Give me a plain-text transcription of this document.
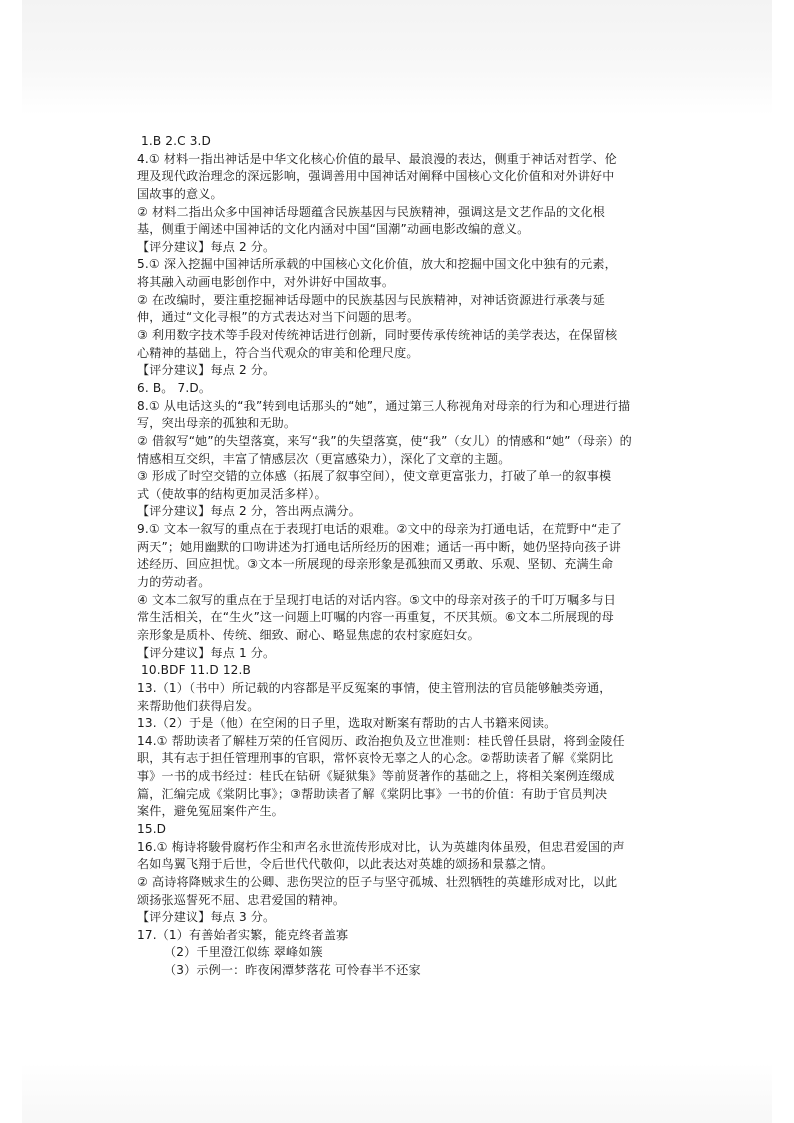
1.B 2.C 3.D
4.① 材料一指出神话是中华文化核心价值的最早、最浪漫的表达，侧重于神话对哲学、伦
理及现代政治理念的深远影响，强调善用中国神话对阐释中国核心文化价值和对外讲好中
国故事的意义。
② 材料二指出众多中国神话母题蕴含民族基因与民族精神，强调这是文艺作品的文化根
基，侧重于阐述中国神话的文化内涵对中国“国潮”动画电影改编的意义。
【评分建议】每点 2 分。
5.① 深入挖掘中国神话所承载的中国核心文化价值，放大和挖掘中国文化中独有的元素，
将其融入动画电影创作中，对外讲好中国故事。
② 在改编时，要注重挖掘神话母题中的民族基因与民族精神，对神话资源进行承袭与延
伸，通过“文化寻根”的方式表达对当下问题的思考。
③ 利用数字技术等手段对传统神话进行创新，同时要传承传统神话的美学表达，在保留核
心精神的基础上，符合当代观众的审美和伦理尺度。
【评分建议】每点 2 分。
6. B。 7.D。
8.① 从电话这头的“我”转到电话那头的“她”，通过第三人称视角对母亲的行为和心理进行描
写，突出母亲的孤独和无助。
② 借叙写“她”的失望落寞，来写“我”的失望落寞，使“我”（女儿）的情感和“她”（母亲）的
情感相互交织，丰富了情感层次（更富感染力），深化了文章的主题。
③ 形成了时空交错的立体感（拓展了叙事空间），使文章更富张力，打破了单一的叙事模
式（使故事的结构更加灵活多样）。
【评分建议】每点 2 分，答出两点满分。
9.① 文本一叙写的重点在于表现打电话的艰难。②文中的母亲为打通电话，在荒野中“走了
两天”；她用幽默的口吻讲述为打通电话所经历的困难；通话一再中断，她仍坚持向孩子讲
述经历、回应担忧。③文本一所展现的母亲形象是孤独而又勇敢、乐观、坚韧、充满生命
力的劳动者。
④ 文本二叙写的重点在于呈现打电话的对话内容。⑤文中的母亲对孩子的千叮万嘱多与日
常生活相关，在“生火”这一问题上叮嘱的内容一再重复，不厌其烦。⑥文本二所展现的母
亲形象是质朴、传统、细致、耐心、略显焦虑的农村家庭妇女。
【评分建议】每点 1 分。
10.BDF 11.D 12.B
13.（1）（书中）所记载的内容都是平反冤案的事情，使主管刑法的官员能够触类旁通，
来帮助他们获得启发。
13.（2）于是（他）在空闲的日子里，选取对断案有帮助的古人书籍来阅读。
14.① 帮助读者了解桂万荣的任官阅历、政治抱负及立世准则：桂氏曾任县尉，将到金陵任
职，其有志于担任管理刑事的官职，常怀哀怜无辜之人的心念。②帮助读者了解《棠阴比
事》一书的成书经过：桂氏在钻研《疑狱集》等前贤著作的基础之上，将相关案例连缀成
篇，汇编完成《棠阴比事》；③帮助读者了解《棠阴比事》一书的价值：有助于官员判决
案件，避免冤屈案件产生。
15.D
16.① 梅诗将駿骨腐朽作尘和声名永世流传形成对比，认为英雄肉体虽殁，但忠君爱国的声
名如鸟翼飞翔于后世，令后世代代敬仰，以此表达对英雄的颂扬和景慕之情。
② 高诗将降贼求生的公卿、悲伤哭泣的臣子与坚守孤城、壮烈牺牲的英雄形成对比，以此
颂扬张巡誓死不屈、忠君爱国的精神。
【评分建议】每点 3 分。
17.（1）有善始者实繁，能克终者盖寡
（2）千里澄江似练 翠峰如簇
（3）示例一：昨夜闲潭梦落花 可怜春半不还家
